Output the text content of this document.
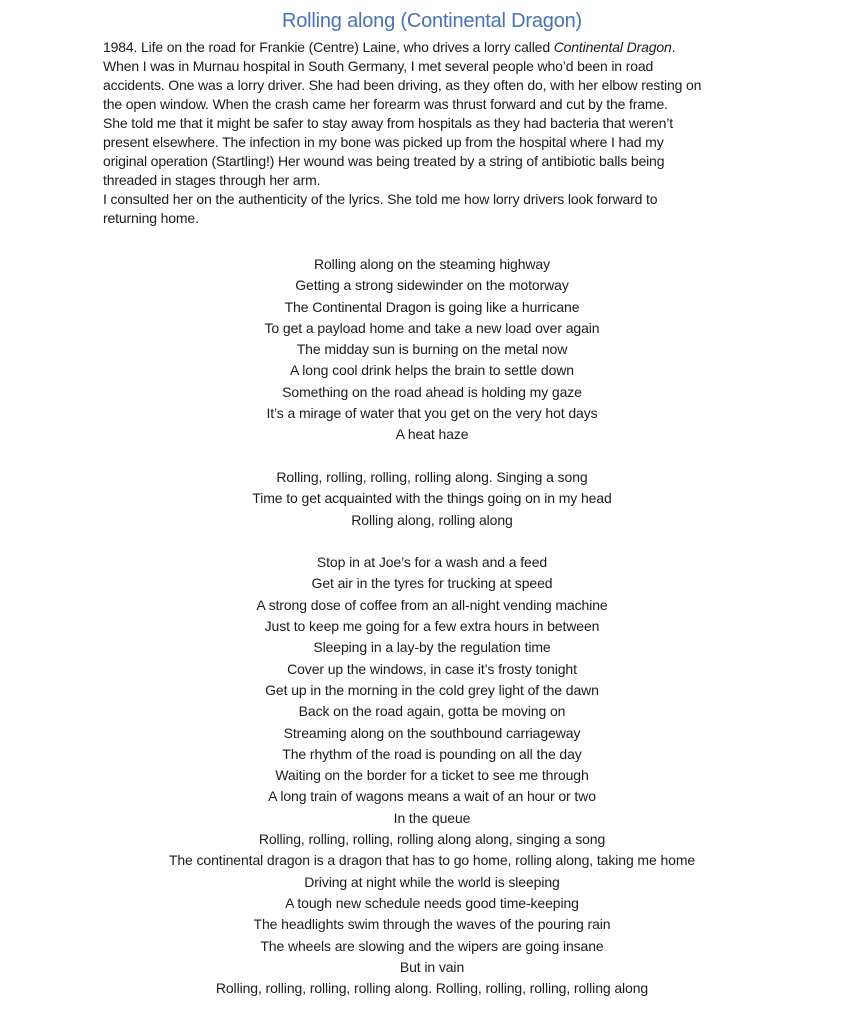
Rolling along (Continental Dragon)
1984. Life on the road for Frankie (Centre) Laine, who drives a lorry called Continental Dragon.
When I was in Murnau hospital in South Germany, I met several people who’d been in road
accidents. One was a lorry driver. She had been driving, as they often do, with her elbow resting on
the open window. When the crash came her forearm was thrust forward and cut by the frame.
She told me that it might be safer to stay away from hospitals as they had bacteria that weren’t
present elsewhere. The infection in my bone was picked up from the hospital where I had my
original operation (Startling!) Her wound was being treated by a string of antibiotic balls being
threaded in stages through her arm.
I consulted her on the authenticity of the lyrics. She told me how lorry drivers look forward to
returning home.
Rolling along on the steaming highway
Getting a strong sidewinder on the motorway
The Continental Dragon is going like a hurricane
To get a payload home and take a new load over again
The midday sun is burning on the metal now
A long cool drink helps the brain to settle down
Something on the road ahead is holding my gaze
It’s a mirage of water that you get on the very hot days
A heat haze
Rolling, rolling, rolling, rolling along. Singing a song
Time to get acquainted with the things going on in my head
Rolling along, rolling along
Stop in at Joe’s for a wash and a feed
Get air in the tyres for trucking at speed
A strong dose of coffee from an all-night vending machine
Just to keep me going for a few extra hours in between
Sleeping in a lay-by the regulation time
Cover up the windows, in case it’s frosty tonight
Get up in the morning in the cold grey light of the dawn
Back on the road again, gotta be moving on
Streaming along on the southbound carriageway
The rhythm of the road is pounding on all the day
Waiting on the border for a ticket to see me through
A long train of wagons means a wait of an hour or two
In the queue
Rolling, rolling, rolling, rolling along along, singing a song
The continental dragon is a dragon that has to go home, rolling along, taking me home
Driving at night while the world is sleeping
A tough new schedule needs good time-keeping
The headlights swim through the waves of the pouring rain
The wheels are slowing and the wipers are going insane
But in vain
Rolling, rolling, rolling, rolling along. Rolling, rolling, rolling, rolling along
